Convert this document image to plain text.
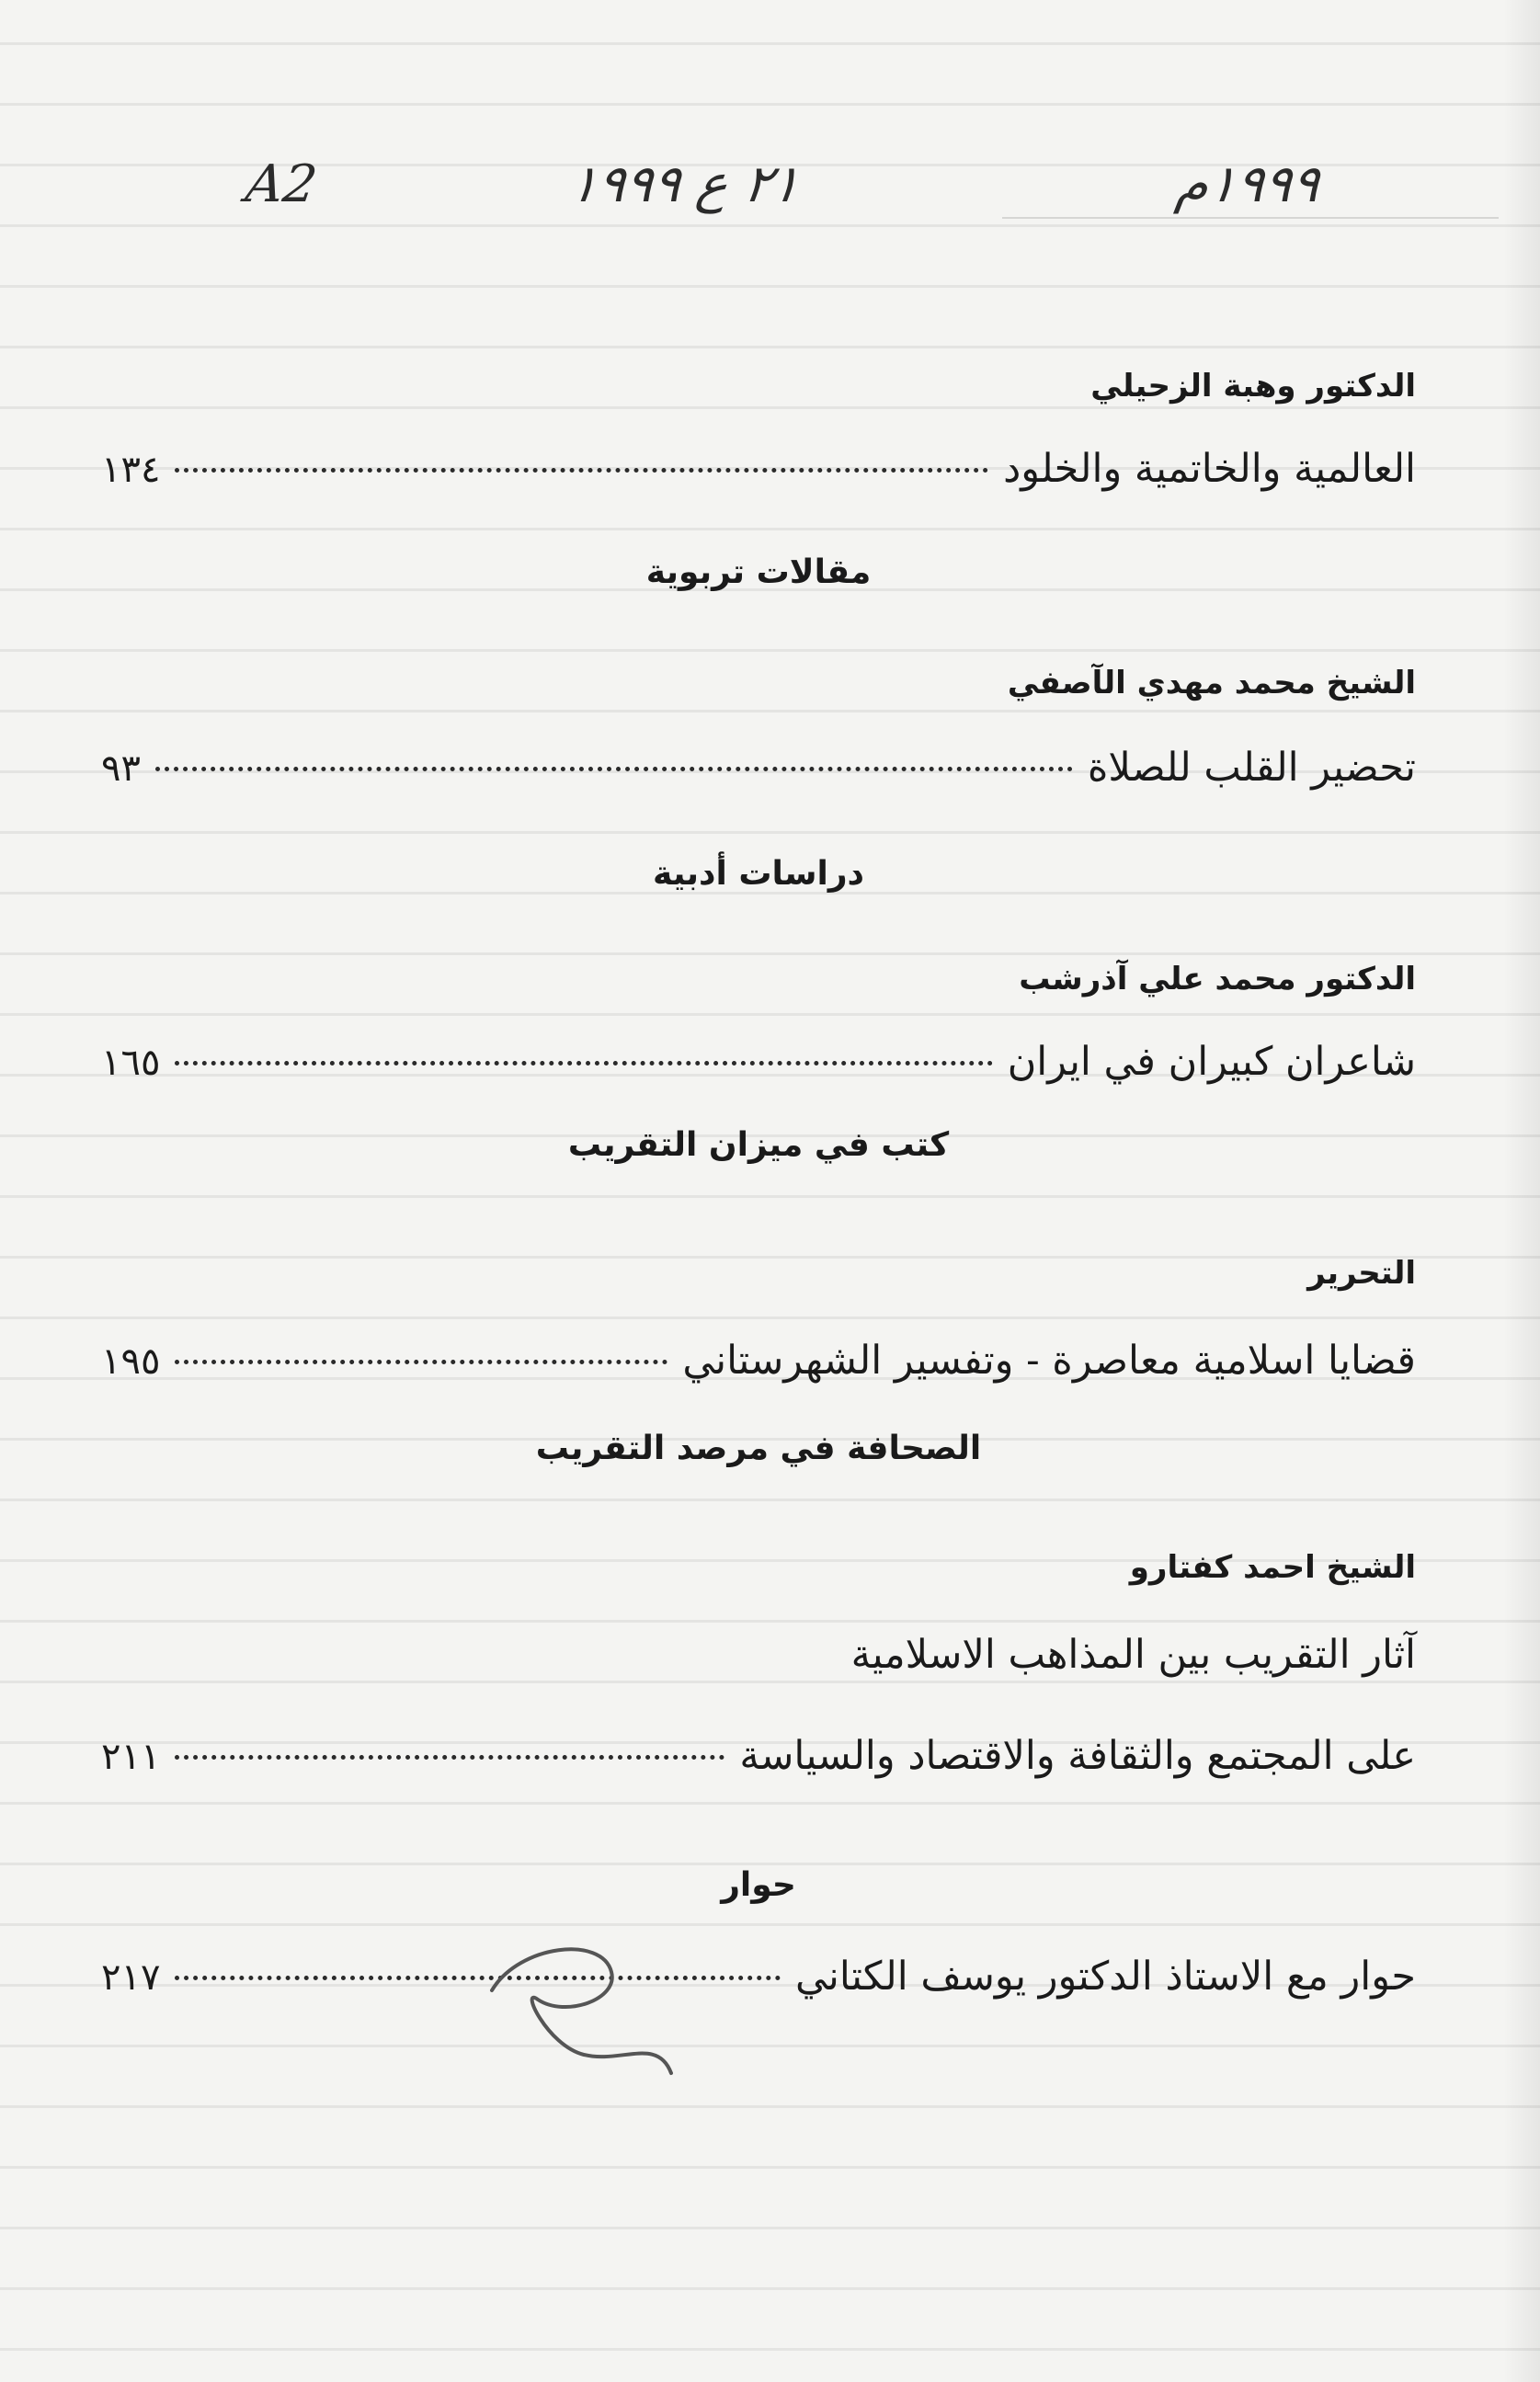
A2	٢١ ع ١٩٩٩	١٩٩٩م
الدكتور وهبة الزحيلي
العالمية والخاتمية والخلود
١٣٤
مقالات تربوية
الشيخ محمد مهدي الآصفي
تحضير القلب للصلاة
٩٣
دراسات أدبية
الدكتور محمد علي آذرشب
شاعران كبيران في ايران
١٦٥
كتب في ميزان التقريب
التحرير
قضايا اسلامية معاصرة - وتفسير الشهرستاني
١٩٥
الصحافة في مرصد التقريب
الشيخ احمد كفتارو
آثار التقريب بين المذاهب الاسلامية
على المجتمع والثقافة والاقتصاد والسياسة
٢١١
حوار
حوار مع الاستاذ الدكتور يوسف الكتاني
٢١٧
